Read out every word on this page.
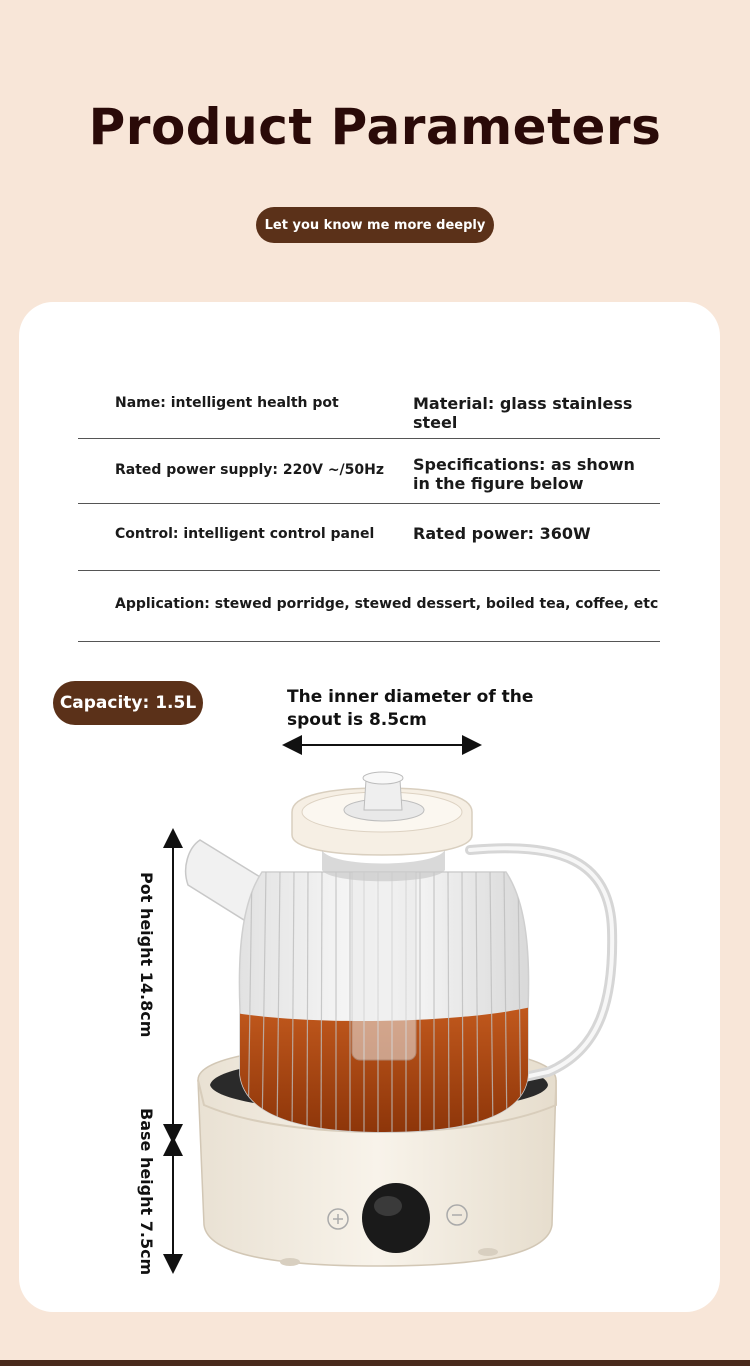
Product Parameters
Let you know me more deeply
Name: intelligent health pot	Material: glass stainless steel
Rated power supply: 220V ~/50Hz Specifications: as shown in the figure below
Control: intelligent control panel Rated power: 360W
Application: stewed porridge, stewed dessert, boiled tea, coffee, etc
Capacity: 1.5L	The inner diameter of the spout is 8.5cm
Pot height 14.8cm
Base height 7.5cm
